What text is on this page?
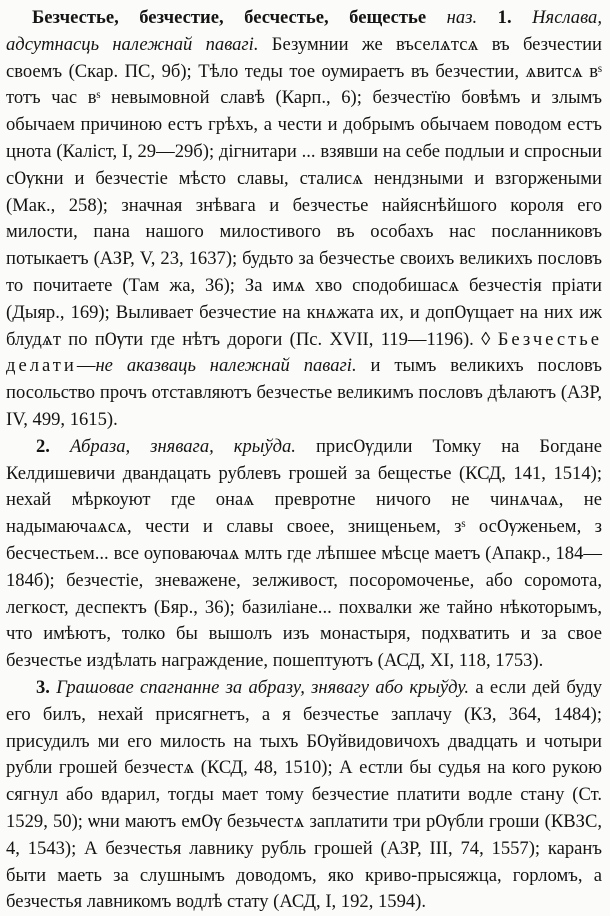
Безчестье, безчестие, бесчестье, бещестье наз. 1. Няслава, адсутнасць належнай павагі. Безумнии же въселѧтсѧ въ безчестии своемъ (Скар. ПС, 9б); Тѣло теды тое оумираетъ въ безчестии, ѧвитсѧ вˢ тотъ час вˢ невымовной славѣ (Карп., 6); безчестїю бовѣмъ и злымъ обычаем причиною естъ грѣхъ, а чести и добрымъ обычаем поводом естъ цнота (Каліст, I, 29—29б); дігнитари ... взявши на себе подлыи и спросныи сѸкни и безчестіе мѣсто славы, сталисѧ нендзными и взгоржеными (Мак., 258); значная знѣвага и безчестье найяснѣйшого короля его милости, пана нашого милостивого въ особахъ нас посланниковъ потыкаетъ (АЗР, V, 23, 1637); будьто за безчестье своихъ великихъ пословъ то почитаете (Там жа, 36); За имѧ хво сподобишасѧ безчестія пріати (Дыяр., 169); Выливает безчестие на кнѧжата их, и допѸщает на них иж блудѧт по пѸти где нѣтъ дороги (Пс. XVII, 119—1196). ◊ Безчестье делати—не аказваць належнай павагі. и тымъ великихъ пословъ посольство прочъ отставляютъ безчестье великимъ пословъ дѣлаютъ (АЗР, IV, 499, 1615).

2. Абраза, знявага, крыўда. присѸдили Томку на Богдане Келдишевичи двандацать рублевъ грошей за бещестье (КСД, 141, 1514); нехай мѣркоуют где онаѧ превротне ничого не чинѧчаѧ, не надымаючаѧсѧ, чести и славы своее, знищеньем, зˢ осѸженьем, з бесчестьем... все оуповаючаѧ млть где лѣпшее мѣсце маетъ (Апакр., 184—184б); безчестіе, зневажене, зелживост, посоромоченье, або соромота, легкост, деспектъ (Бяр., 36); базиліане... похвалки же тайно нѣкоторымъ, что имѣютъ, толко бы вышолъ изъ монастыря, подхватить и за свое безчестье издѣлать награждение, пошептуютъ (АСД, XI, 118, 1753).

3. Грашовае спагнанне за абразу, знявагу або крыўду. а если дей буду его билъ, нехай присягнетъ, а я безчестье заплачу (КЗ, 364, 1484); присудилъ ми его милость на тыхъ БѸйвидовичохъ двадцать и чотыри рубли грошей безчестѧ (КСД, 48, 1510); А естли бы судья на кого рукою сягнул або вдарил, тогды мает тому безчестие платити водле стану (Ст. 1529, 50); ѡни маютъ емѸ безьчестѧ заплатити три рѸбли гроши (КВЗС, 4, 1543); А безчестья лавнику рубль грошей (АЗР, III, 74, 1557); каранъ быти маеть за слушнымъ доводомъ, яко криво-прысяжца, горломъ, а безчестья лавникомъ водлѣ стату (АСД, I, 192, 1594).
